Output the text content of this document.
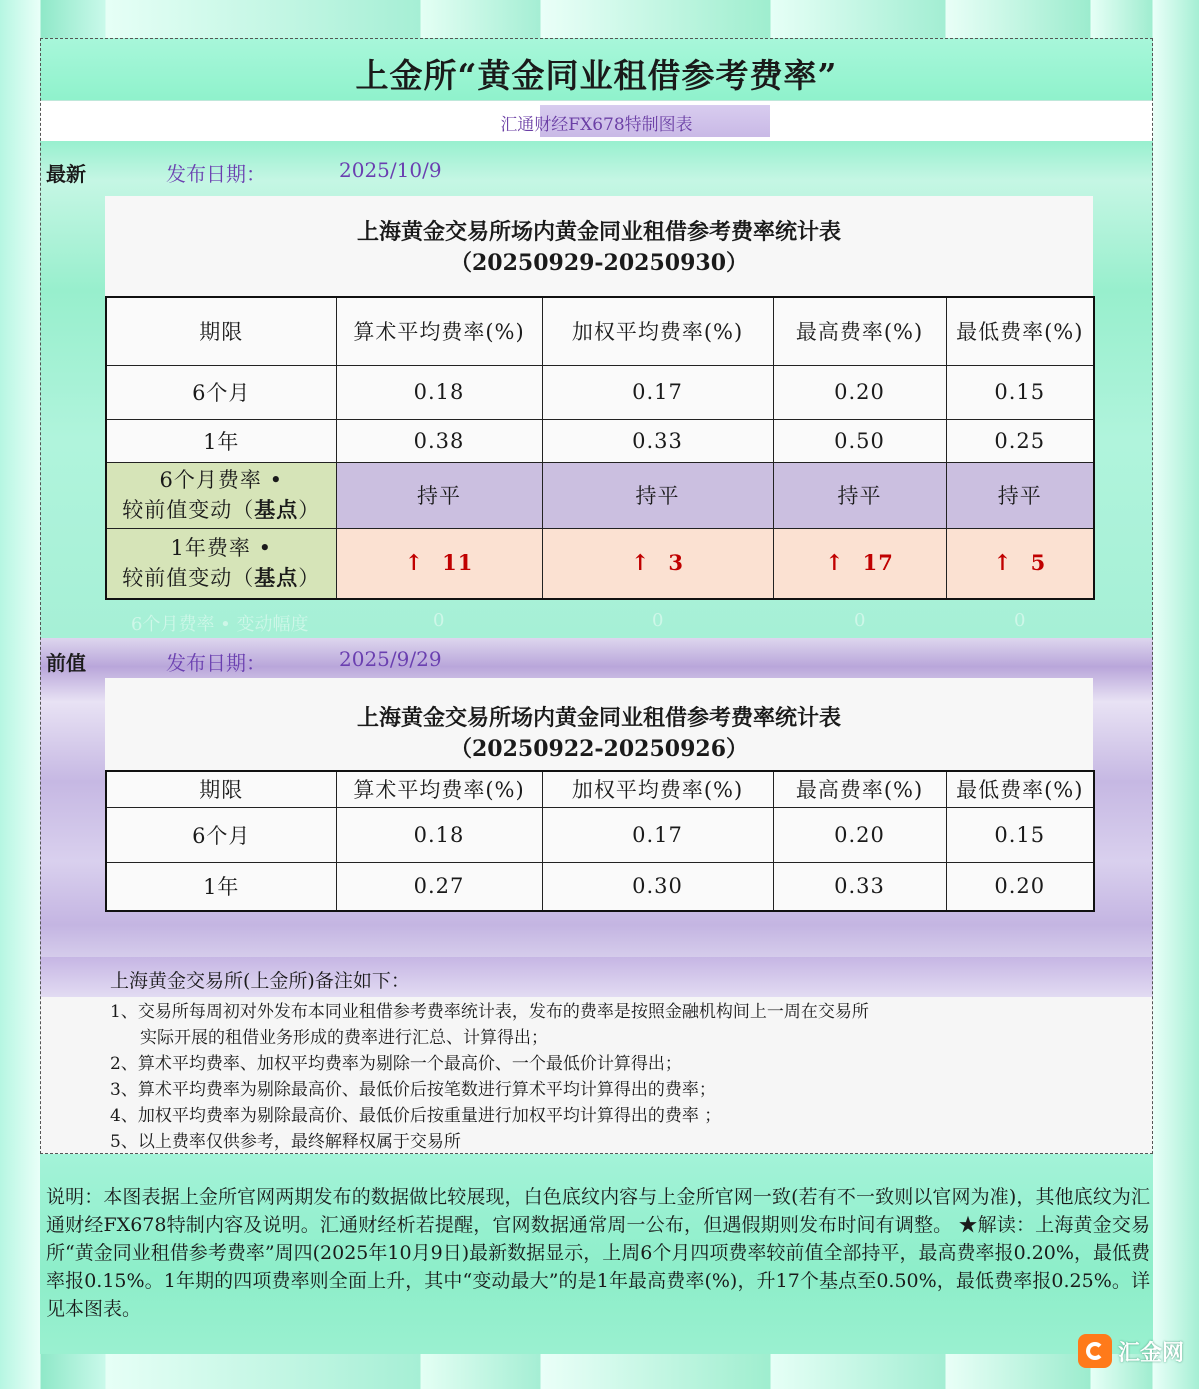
上金所“黄金同业租借参考费率”
汇通财经FX678特制图表
最新	发布日期：	2025/10/9
上海黄金交易所场内黄金同业租借参考费率统计表
（20250929-20250930）
期限	算术平均费率(%)	加权平均费率(%)	最高费率(%)	最低费率(%)
6个月	0.18	0.17	0.20	0.15
1年	0.38	0.33	0.50	0.25

6个月费率 •
较前值变动（基点）	持平	持平	持平	持平

1年费率 •
较前值变动（基点）	↑ 11	↑ 3	↑ 17	↑ 5
6个月费率 • 变动幅度	0	0	0	0
前值	发布日期：	2025/9/29
上海黄金交易所场内黄金同业租借参考费率统计表
（20250922-20250926）
期限	算术平均费率(%)	加权平均费率(%)	最高费率(%)	最低费率(%)
6个月	0.18	0.17	0.20	0.15
1年	0.27	0.30	0.33	0.20
上海黄金交易所(上金所)备注如下：
1、交易所每周初对外发布本同业租借参考费率统计表，发布的费率是按照金融机构间上一周在交易所
实际开展的租借业务形成的费率进行汇总、计算得出；
2、算术平均费率、加权平均费率为剔除一个最高价、一个最低价计算得出；
3、算术平均费率为剔除最高价、最低价后按笔数进行算术平均计算得出的费率；
4、加权平均费率为剔除最高价、最低价后按重量进行加权平均计算得出的费率 ；
5、以上费率仅供参考，最终解释权属于交易所
说明：本图表据上金所官网两期发布的数据做比较展现，白色底纹内容与上金所官网一致(若有不一致则以官网为准)，其他底纹为汇通财经FX678特制内容及说明。汇通财经析若提醒，官网数据通常周一公布，但遇假期则发布时间有调整。 ★解读：上海黄金交易所“黄金同业租借参考费率”周四(2025年10月9日)最新数据显示，上周6个月四项费率较前值全部持平，最高费率报0.20%，最低费率报0.15%。1年期的四项费率则全面上升，其中“变动最大”的是1年最高费率(%)，升17个基点至0.50%，最低费率报0.25%。详见本图表。
汇金网
